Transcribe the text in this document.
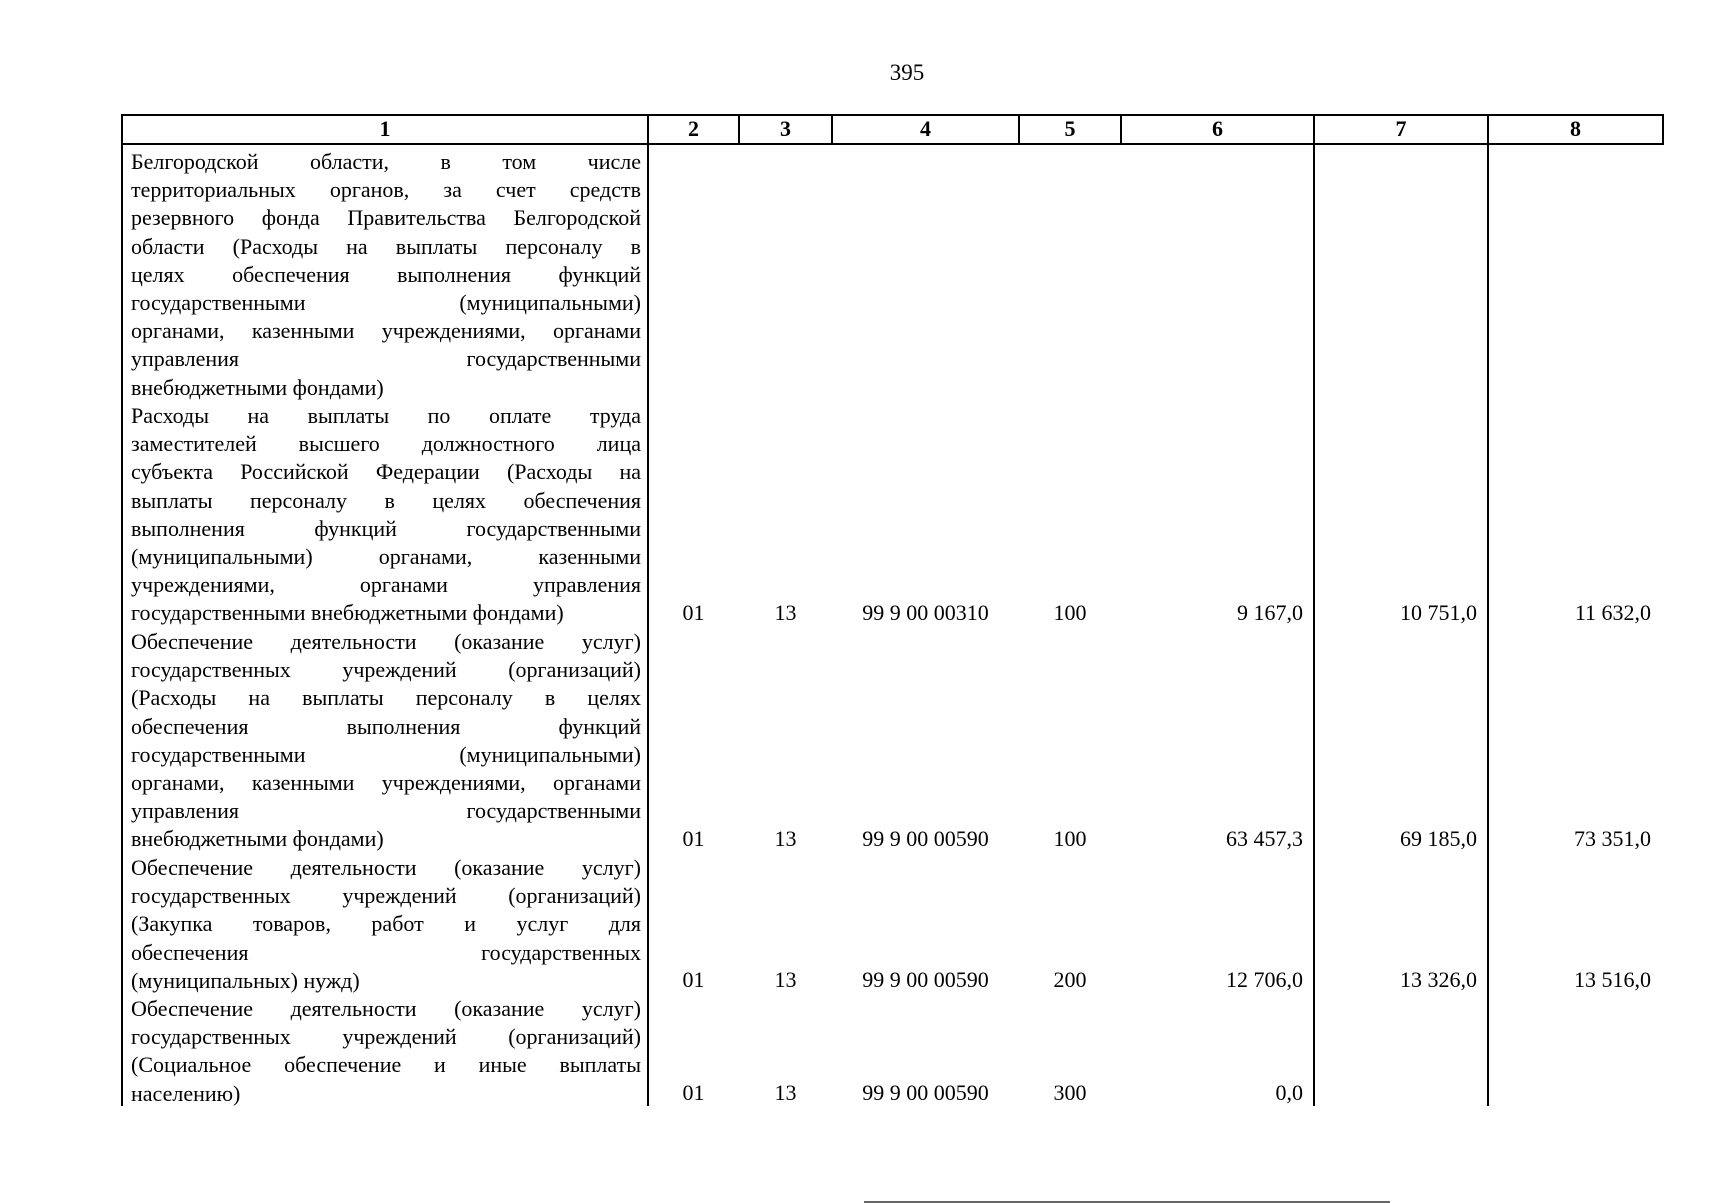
395
1	2	3	4	5	6	7	8

Белгородской области, в том числе
территориальных органов, за счет средств
резервного фонда Правительства Белгородской
области (Расходы на выплаты персоналу в
целях обеспечения выполнения функций
государственными (муниципальными)
органами, казенными учреждениями, органами
управления государственными
внебюджетными фондами)

Расходы на выплаты по оплате труда
заместителей высшего должностного лица
субъекта Российской Федерации (Расходы на
выплаты персоналу в целях обеспечения
выполнения функций государственными
(муниципальными) органами, казенными
учреждениями, органами управления
государственными внебюджетными фондами)	01	13	99 9 00 00310	100	9 167,0	10 751,0	11 632,0

Обеспечение деятельности (оказание услуг)
государственных учреждений (организаций)
(Расходы на выплаты персоналу в целях
обеспечения выполнения функций
государственными (муниципальными)
органами, казенными учреждениями, органами
управления государственными
внебюджетными фондами)	01	13	99 9 00 00590	100	63 457,3	69 185,0	73 351,0

Обеспечение деятельности (оказание услуг)
государственных учреждений (организаций)
(Закупка товаров, работ и услуг для
обеспечения государственных
(муниципальных) нужд)	01	13	99 9 00 00590	200	12 706,0	13 326,0	13 516,0

Обеспечение деятельности (оказание услуг)
государственных учреждений (организаций)
(Социальное обеспечение и иные выплаты
населению)	01	13	99 9 00 00590	300	0,0
